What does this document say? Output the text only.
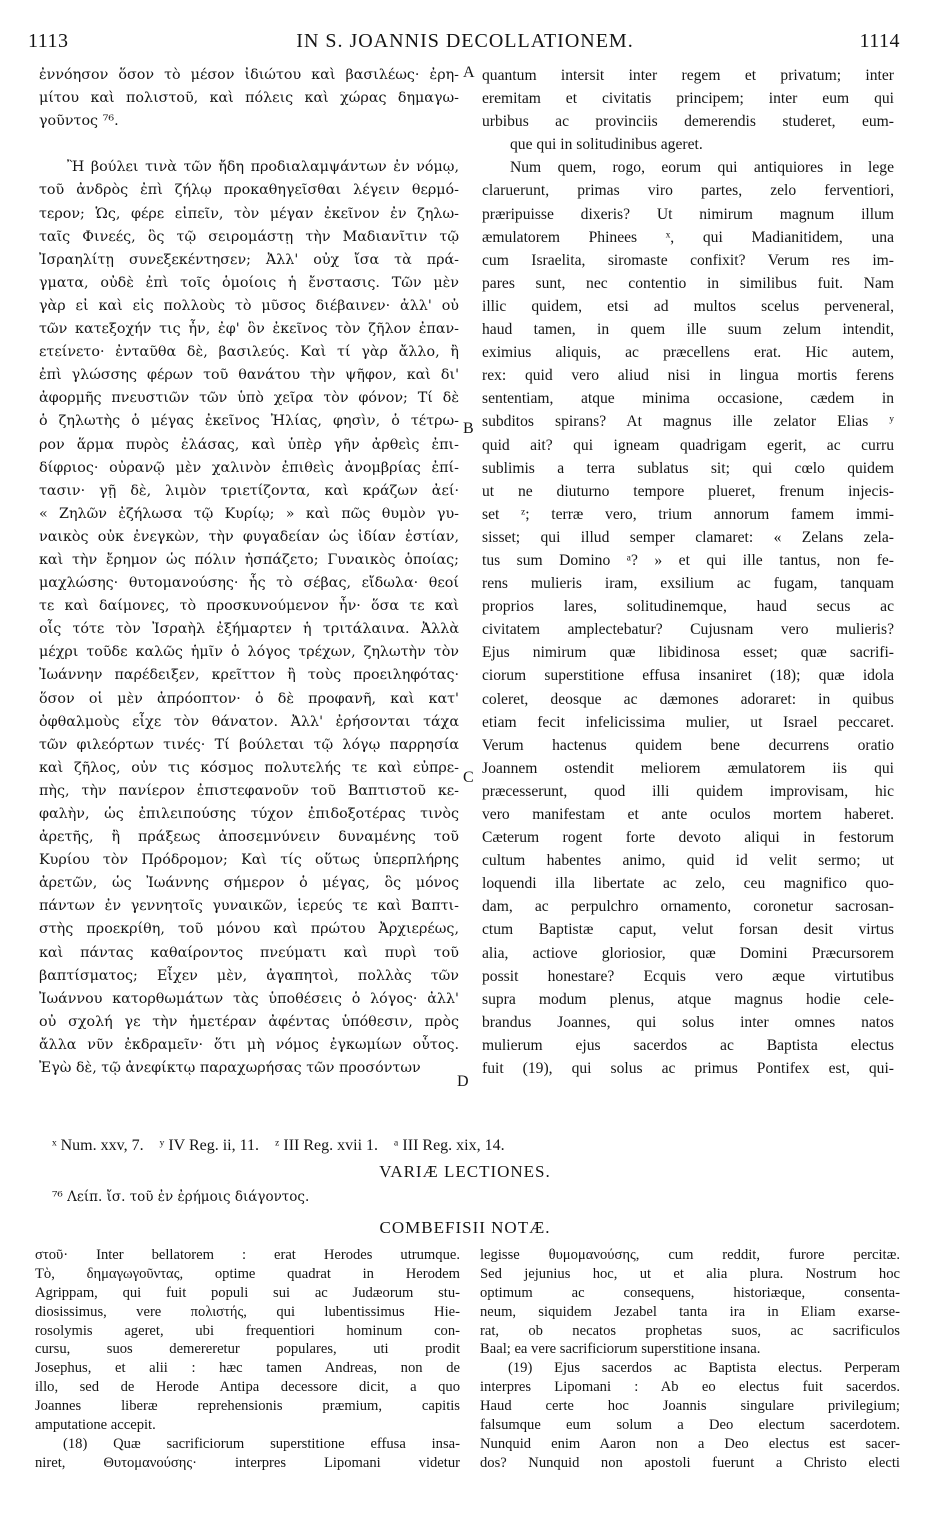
1113	IN S. JOANNIS DECOLLATIONEM.	1114
ἐννόησον ὅσον τὸ μέσον ἰδιώτου καὶ βασιλέως· ἐρη-
μίτου καὶ πολιστοῦ, καὶ πόλεις καὶ χώρας δημαγω-
γοῦντος ⁷⁶.
Ἢ βούλει τινὰ τῶν ἤδη προδιαλαμψάντων ἐν νόμῳ,
τοῦ ἀνδρὸς ἐπὶ ζήλῳ προκαθηγεῖσθαι λέγειν θερμό-
τερον; Ὡς, φέρε εἰπεῖν, τὸν μέγαν ἐκεῖνον ἐν ζηλω-
ταῖς Φινεές, ὃς τῷ σειρομάστῃ τὴν Μαδιανῖτιν τῷ
Ἰσραηλίτῃ συνεξεκέντησεν; Ἀλλ' οὐχ ἴσα τὰ πρά-
γματα, οὐδὲ ἐπὶ τοῖς ὁμοίοις ἡ ἔνστασις. Τῶν μὲν
γὰρ εἰ καὶ εἰς πολλοὺς τὸ μῦσος διέβαινεν· ἀλλ' οὐ
τῶν κατεξοχήν τις ἦν, ἐφ' ὃν ἐκεῖνος τὸν ζῆλον ἐπαν-
ετείνετο· ἐνταῦθα δὲ, βασιλεύς. Καὶ τί γὰρ ἄλλο, ἢ
ἐπὶ γλώσσης φέρων τοῦ θανάτου τὴν ψῆφον, καὶ δι'
ἀφορμῆς πνευστιῶν τῶν ὑπὸ χεῖρα τὸν φόνον; Τί δὲ
ὁ ζηλωτὴς ὁ μέγας ἐκεῖνος Ἠλίας, φησὶν, ὁ τέτρω-
ρον ἅρμα πυρὸς ἐλάσας, καὶ ὑπὲρ γῆν ἀρθεὶς ἐπι-
δίφριος· οὐρανῷ μὲν χαλινὸν ἐπιθεὶς ἀνομβρίας ἐπί-
τασιν· γῇ δὲ, λιμὸν τριετίζοντα, καὶ κράζων ἀεί·
« Ζηλῶν ἐζήλωσα τῷ Κυρίῳ; » καὶ πῶς θυμὸν γυ-
ναικὸς οὐκ ἐνεγκὼν, τὴν φυγαδείαν ὡς ἰδίαν ἑστίαν,
καὶ τὴν ἔρημον ὡς πόλιν ἠσπάζετο; Γυναικὸς ὁποίας;
μαχλώσης· θυτομανούσης· ἧς τὸ σέβας, εἴδωλα· θεοί
τε καὶ δαίμονες, τὸ προσκυνούμενον ἦν· ὅσα τε καὶ
οἷς τότε τὸν Ἰσραὴλ ἐξήμαρτεν ἡ τριτάλαινα. Ἀλλὰ
μέχρι τοῦδε καλῶς ἡμῖν ὁ λόγος τρέχων, ζηλωτὴν τὸν
Ἰωάννην παρέδειξεν, κρεῖττον ἢ τοὺς προειληφότας·
ὅσον οἱ μὲν ἀπρόοπτον· ὁ δὲ προφανῆ, καὶ κατ'
ὀφθαλμοὺς εἶχε τὸν θάνατον. Ἀλλ' ἐρήσονται τάχα
τῶν φιλεόρτων τινές· Τί βούλεται τῷ λόγῳ παρρησία
καὶ ζῆλος, οὐν τις κόσμος πολυτελής τε καὶ εὐπρε-
πὴς, τὴν πανίερον ἐπιστεφανοῦν τοῦ Βαπτιστοῦ κε-
φαλὴν, ὡς ἐπιλειπούσης τύχον ἐπιδοξοτέρας τινὸς
ἀρετῆς, ἢ πράξεως ἀποσεμνύνειν δυναμένης τοῦ
Κυρίου τὸν Πρόδρομον; Καὶ τίς οὕτως ὑπερπλήρης
ἀρετῶν, ὡς Ἰωάννης σήμερον ὁ μέγας, ὃς μόνος
πάντων ἐν γεννητοῖς γυναικῶν, ἱερεύς τε καὶ Βαπτι-
στὴς προεκρίθη, τοῦ μόνου καὶ πρώτου Ἀρχιερέως,
καὶ πάντας καθαίροντος πνεύματι καὶ πυρὶ τοῦ
βαπτίσματος; Εἶχεν μὲν, ἀγαπητοὶ, πολλὰς τῶν
Ἰωάννου κατορθωμάτων τὰς ὑποθέσεις ὁ λόγος· ἀλλ'
οὐ σχολή γε τὴν ἡμετέραν ἀφέντας ὑπόθεσιν, πρὸς
ἄλλα νῦν ἐκδραμεῖν· ὅτι μὴ νόμος ἐγκωμίων οὗτος.
Ἐγὼ δὲ, τῷ ἀνεφίκτῳ παραχωρήσας τῶν προσόντων
quantum intersit inter regem et privatum; inter
eremitam et civitatis principem; inter eum qui
urbibus ac provinciis demerendis studeret, eum-
que qui in solitudinibus ageret.
Num quem, rogo, eorum qui antiquiores in lege
claruerunt, primas viro partes, zelo ferventiori,
præripuisse dixeris? Ut nimirum magnum illum
æmulatorem Phinees ˣ, qui Madianitidem, una
cum Israelita, siromaste confixit? Verum res im-
pares sunt, nec contentio in similibus fuit. Nam
illic quidem, etsi ad multos scelus perveneral,
haud tamen, in quem ille suum zelum intendit,
eximius aliquis, ac præcellens erat. Hic autem,
rex: quid vero aliud nisi in lingua mortis ferens
sententiam, atque minima occasione, cædem in
subditos spirans? At magnus ille zelator Elias ʸ
quid ait? qui igneam quadrigam egerit, ac curru
sublimis a terra sublatus sit; qui cœlo quidem
ut ne diuturno tempore plueret, frenum injecis-
set ᶻ; terræ vero, trium annorum famem immi-
sisset; qui illud semper clamaret: « Zelans zela-
tus sum Domino ᵃ? » et qui ille tantus, non fe-
rens mulieris iram, exsilium ac fugam, tanquam
proprios lares, solitudinemque, haud secus ac
civitatem amplectebatur? Cujusnam vero mulieris?
Ejus nimirum quæ libidinosa esset; quæ sacrifi-
ciorum superstitione effusa insaniret (18); quæ idola
coleret, deosque ac dæmones adoraret: in quibus
etiam fecit infelicissima mulier, ut Israel peccaret.
Verum hactenus quidem bene decurrens oratio
Joannem ostendit meliorem æmulatorem iis qui
præcesserunt, quod illi quidem improvisam, hic
vero manifestam et ante oculos mortem haberet.
Cæterum rogent forte devoto aliqui in festorum
cultum habentes animo, quid id velit sermo; ut
loquendi illa libertate ac zelo, ceu magnifico quo-
dam, ac perpulchro ornamento, coronetur sacrosan-
ctum Baptistæ caput, velut forsan desit virtus
alia, actiove gloriosior, quæ Domini Præcursorem
possit honestare? Ecquis vero æque virtutibus
supra modum plenus, atque magnus hodie cele-
brandus Joannes, qui solus inter omnes natos
mulierum ejus sacerdos ac Baptista electus
fuit (19), qui solus ac primus Pontifex est, qui-
A
B
C
D
ˣ Num. xxv, 7. ʸ IV Reg. ii, 11. ᶻ III Reg. xvii 1. ᵃ III Reg. xix, 14.
VARIÆ LECTIONES.
⁷⁶ Λείπ. ἴσ. τοῦ ἐν ἐρήμοις διάγοντος.
COMBEFISII NOTÆ.
στοῦ· Inter bellatorem : erat Herodes utrumque.
Τὸ, δημαγωγοῦντας, optime quadrat in Herodem
Agrippam, qui fuit populi sui ac Judæorum stu-
diosissimus, vere πολιστής, qui lubentissimus Hie-
rosolymis ageret, ubi frequentiori hominum con-
cursu, suos demereretur populares, uti prodit
Josephus, et alii : hæc tamen Andreas, non de
illo, sed de Herode Antipa decessore dicit, a quo
Joannes liberæ reprehensionis præmium, capitis
amputatione accepit.
(18) Quæ sacrificiorum superstitione effusa insa-
niret, Θυτομανούσης· interpres Lipomani videtur
legisse θυμομανούσης, cum reddit, furore percitæ.
Sed jejunius hoc, ut et alia plura. Nostrum hoc
optimum ac consequens, historiæque, consenta-
neum, siquidem Jezabel tanta ira in Eliam exarse-
rat, ob necatos prophetas suos, ac sacrificulos
Baal; ea vere sacrificiorum superstitione insana.
(19) Ejus sacerdos ac Baptista electus. Perperam
interpres Lipomani : Ab eo electus fuit sacerdos.
Haud certe hoc Joannis singulare privilegium;
falsumque eum solum a Deo electum sacerdotem.
Nunquid enim Aaron non a Deo electus est sacer-
dos? Nunquid non apostoli fuerunt a Christo electi
